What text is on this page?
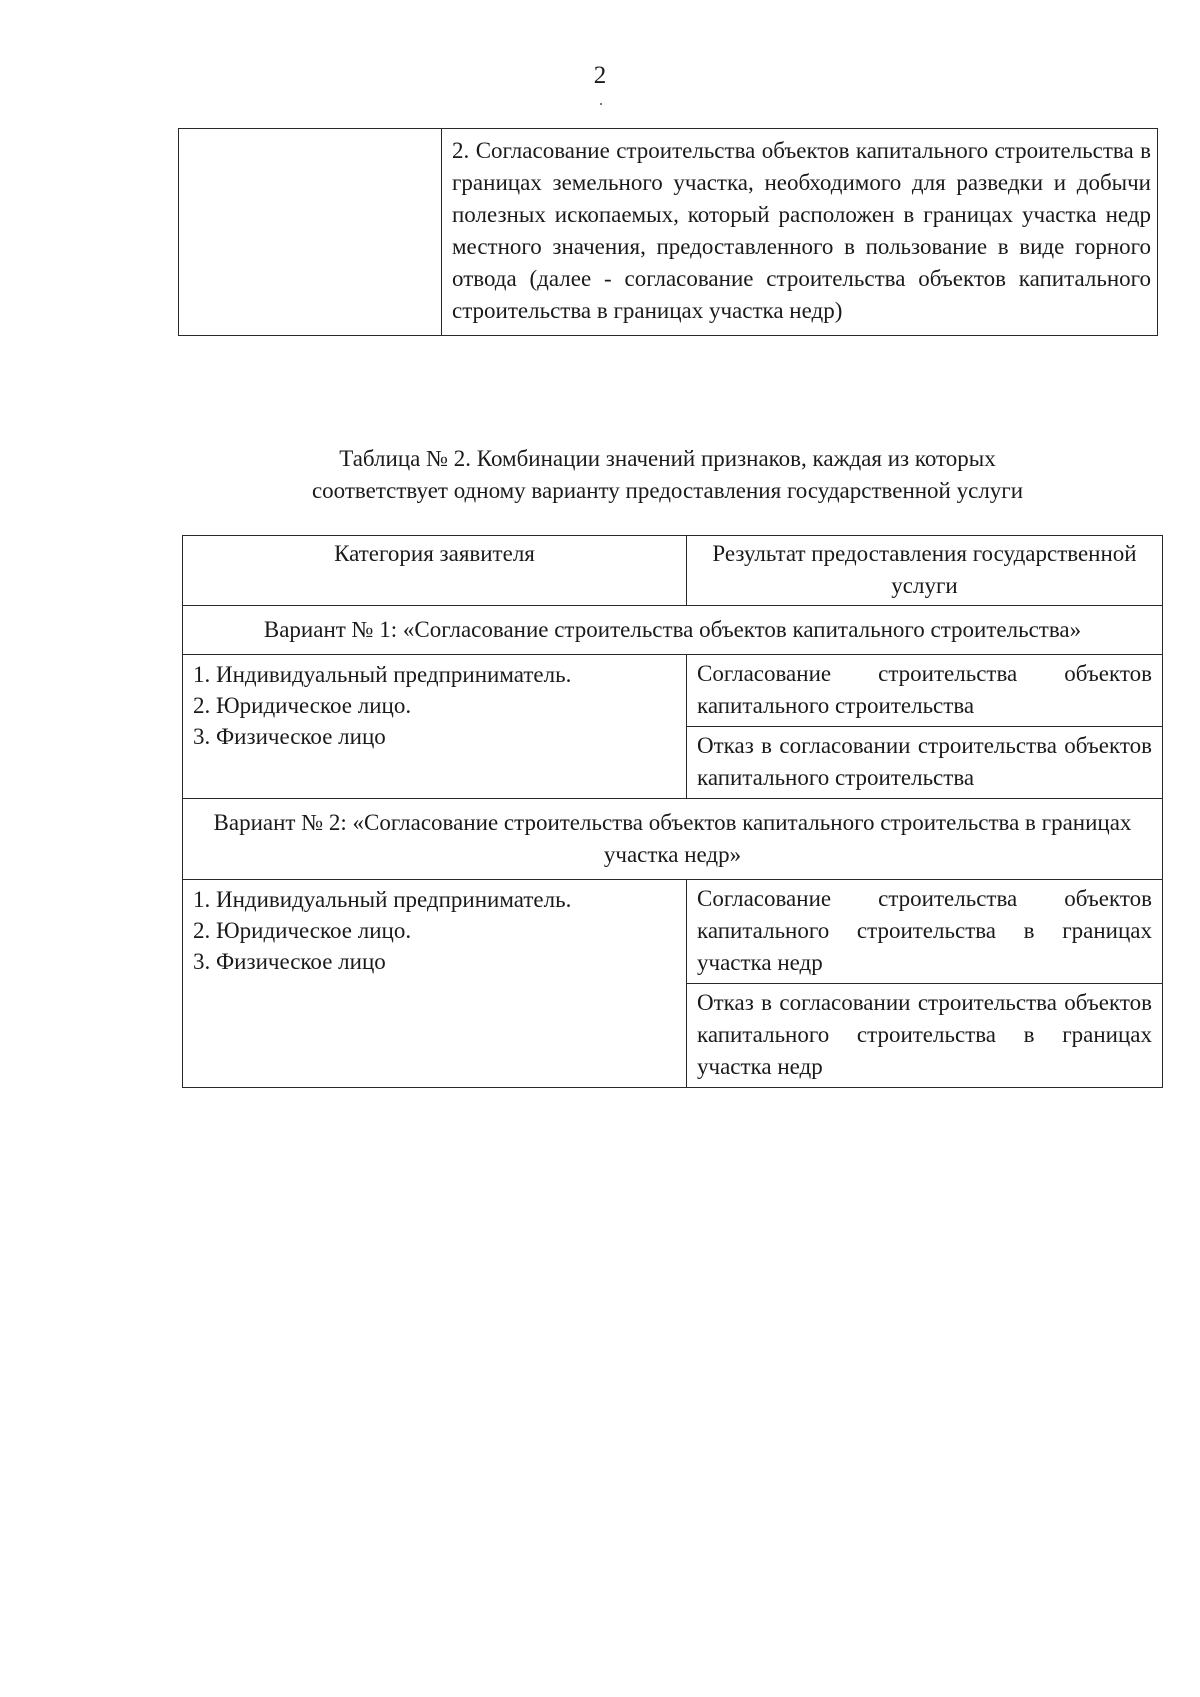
2
	2. Согласование строительства объектов капитального строительства в границах земельного участка, необходимого для разведки и добычи полезных ископаемых, который расположен в границах участка недр местного значения, предоставленного в пользование в виде горного отвода (далее - согласование строительства объектов капитального строительства в границах участка недр)
Таблица № 2. Комбинации значений признаков, каждая из которых
соответствует одному варианту предоставления государственной услуги
Категория заявителя	Результат предоставления государственной услуги
Вариант № 1: «Согласование строительства объектов капитального строительства»	

1. Индивидуальный предприниматель.
2. Юридическое лицо.
3. Физическое лицо	Согласование строительства объектов капитального строительства
	Отказ в согласовании строительства объектов капитального строительства
Вариант № 2: «Согласование строительства объектов капитального строительства в границах участка недр»	

1. Индивидуальный предприниматель.
2. Юридическое лицо.
3. Физическое лицо	Согласование строительства объектов капитального строительства в границах участка недр
	Отказ в согласовании строительства объектов капитального строительства в границах участка недр
